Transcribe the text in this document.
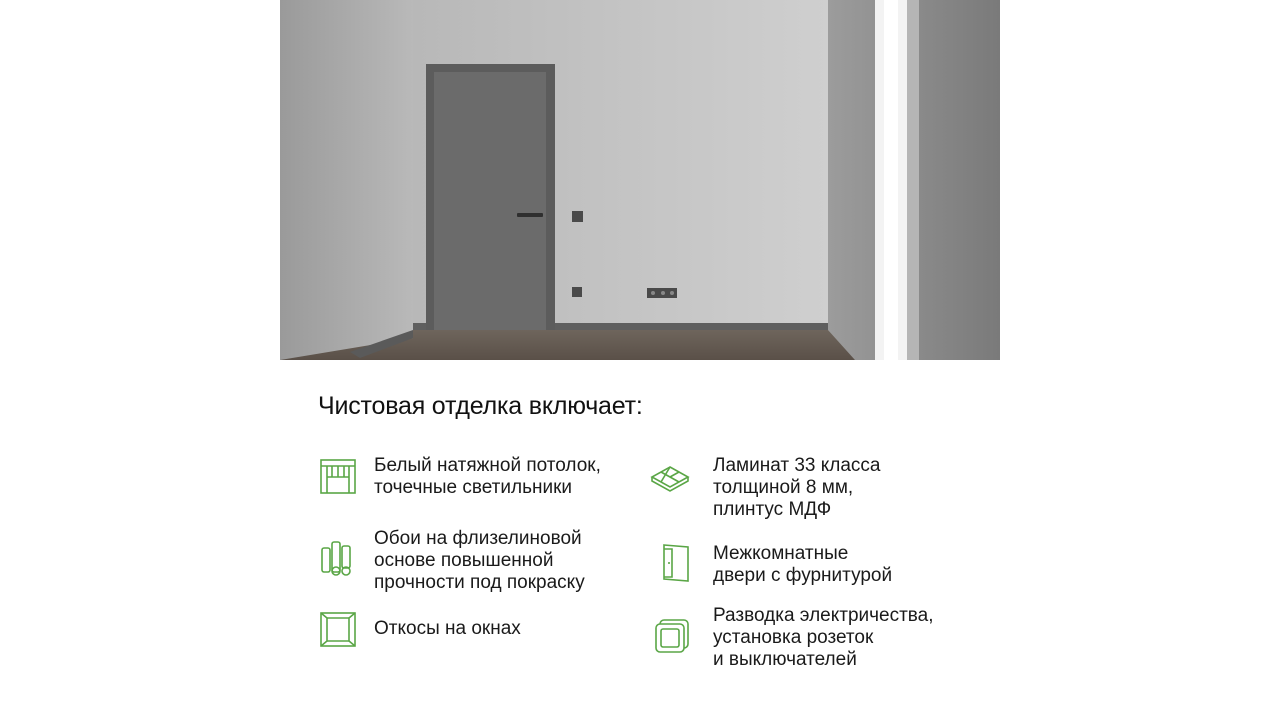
Чистовая отделка включает:
Белый натяжной потолок,
точечные светильники
Обои на флизелиновой
основе повышенной
прочности под покраску
Откосы на окнах
Ламинат 33 класса
толщиной 8 мм,
плинтус МДФ
Межкомнатные
двери с фурнитурой
Разводка электричества,
установка розеток
и выключателей
